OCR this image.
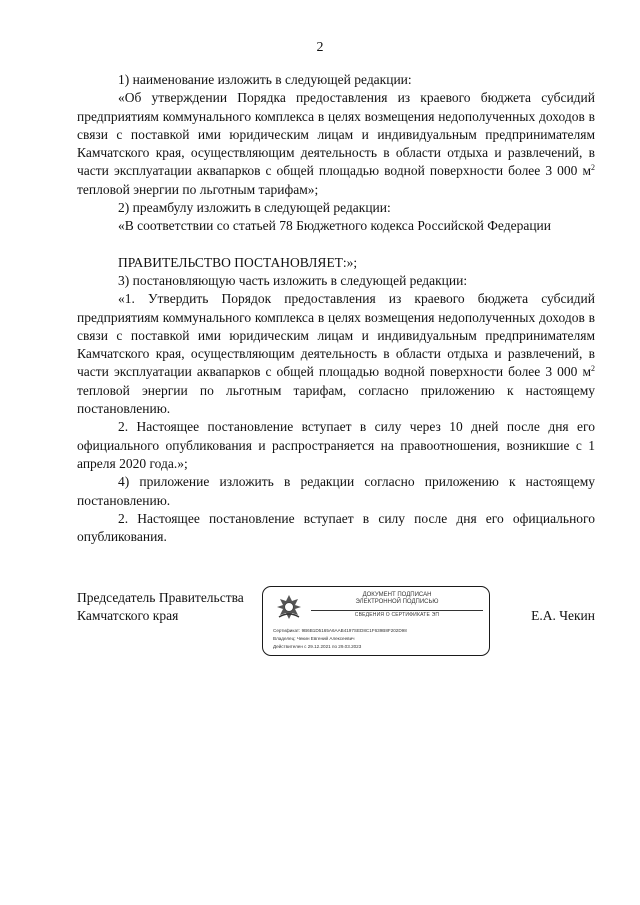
2

1) наименование изложить в следующей редакции:

«Об утверждении Порядка предоставления из краевого бюджета субсидий предприятиям коммунального комплекса в целях возмещения недополученных доходов в связи с поставкой ими юридическим лицам и индивидуальным предпринимателям Камчатского края, осуществляющим деятельность в области отдыха и развлечений, в части эксплуатации аквапарков с общей площадью водной поверхности более 3 000 $м^2$ тепловой энергии по льготным тарифам»;

2) преамбулу изложить в следующей редакции:

«В соответствии со статьей 78 Бюджетного кодекса Российской Федерации

ПРАВИТЕЛЬСТВО ПОСТАНОВЛЯЕТ:»;

3) постановляющую часть изложить в следующей редакции:

«1. Утвердить Порядок предоставления из краевого бюджета субсидий предприятиям коммунального комплекса в целях возмещения недополученных доходов в связи с поставкой ими юридическим лицам и индивидуальным предпринимателям Камчатского края, осуществляющим деятельность в области отдыха и развлечений, в части эксплуатации аквапарков с общей площадью водной поверхности более 3 000 $м^2$ тепловой энергии по льготным тарифам, согласно приложению к настоящему постановлению.

2. Настоящее постановление вступает в силу через 10 дней после дня его официального опубликования и распространяется на правоотношения, возникшие с 1 апреля 2020 года.»;

4) приложение изложить в редакции согласно приложению к настоящему постановлению.

2. Настоящее постановление вступает в силу после дня его официального опубликования.

Председатель Правительства
Камчатского края	Е.А. Чекин
ДОКУМЕНТ ПОДПИСАН
ЭЛЕКТРОННОЙ ПОДПИСЬЮ
СВЕДЕНИЯ О СЕРТИФИКАТЕ ЭП
Сертификат: 9B6B1D5165A6AAB4197SED8C1F639B8F202D98
Владелец: Чекин Евгений Алексеевич
Действителен с 29.12.2021 по 29.03.2023
